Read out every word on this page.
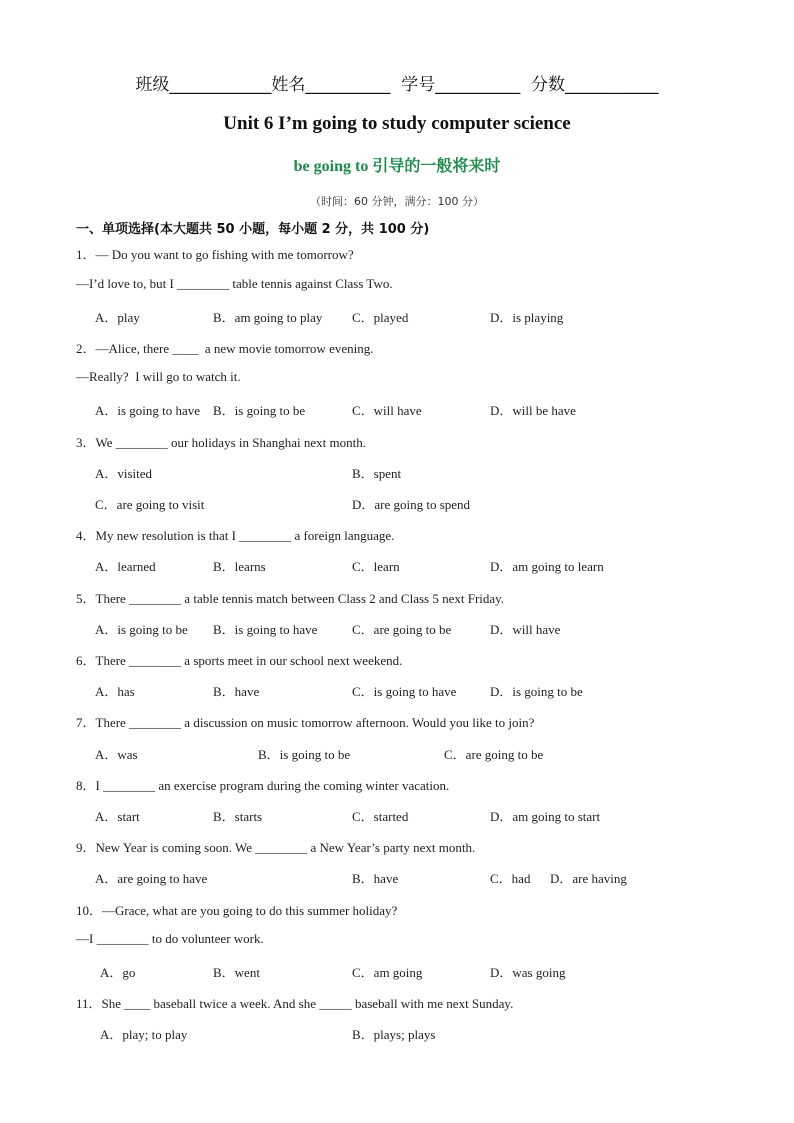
班级____________姓名__________  学号__________  分数___________
Unit 6 I’m going to study computer science
be going to 引导的一般将来时
（时间：60 分钟，满分：100 分）
一、单项选择(本大题共 50 小题，每小题 2 分，共 100 分)
1．— Do you want to go fishing with me tomorrow?
—I’d love to, but I ________ table tennis against Class Two.
A．play	B．am going to play C．played	D．is playing
2．—Alice, there ____  a new movie tomorrow evening.
—Really?  I will go to watch it.
A．is going to have B．is going to be	C．will have	D．will be have
3．We ________ our holidays in Shanghai next month.
A．visited	B．spent
C．are going to visit	D．are going to spend
4．My new resolution is that I ________ a foreign language.
A．learned	B．learns	C．learn	D．am going to learn
5．There ________ a table tennis match between Class 2 and Class 5 next Friday.
A．is going to be B．is going to have	C．are going to be	D．will have
6．There ________ a sports meet in our school next weekend.
A．has	B．have	C．is going to have	D．is going to be
7．There ________ a discussion on music tomorrow afternoon. Would you like to join?
A．was	B．is going to be	C．are going to be
8．I ________ an exercise program during the coming winter vacation.
A．start	B．starts	C．started	D．am going to start
9．New Year is coming soon. We ________ a New Year’s party next month.
A．are going to have	B．have	C．had D．are having
10．—Grace, what are you going to do this summer holiday?
—I ________ to do volunteer work.
A．go	B．went	C．am going	D．was going
11．She ____ baseball twice a week. And she _____ baseball with me next Sunday.
A．play; to play	B．plays; plays
